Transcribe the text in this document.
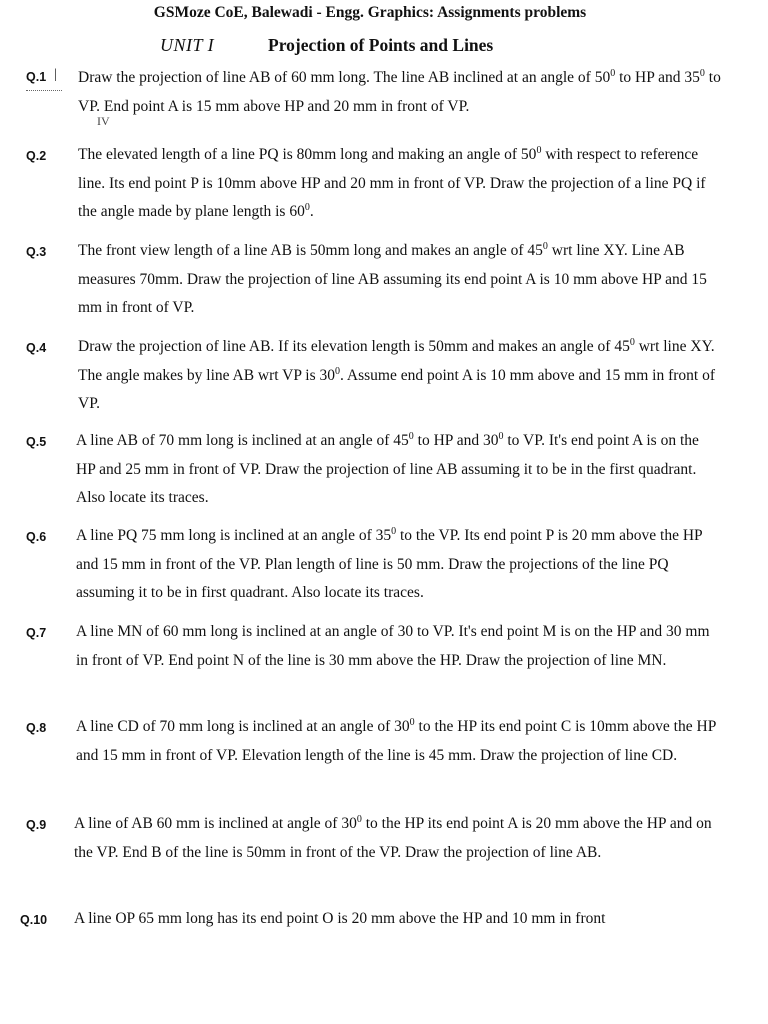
GSMoze CoE, Balewadi - Engg. Graphics: Assignments problems
UNIT I	Projection of Points and Lines
Q.1 | Draw the projection of line AB of 60 mm long. The line AB inclined at an angle of $50^0$ to HP and $35^0$ to VP. End point A is 15 mm above HP and 20 mm in front of VP.

IV
Q.2 The elevated length of a line PQ is 80mm long and making an angle of $50^0$ with respect to reference line. Its end point P is 10mm above HP and 20 mm in front of VP. Draw the projection of a line PQ if the angle made by plane length is $60^0$.

Q.3 The front view length of a line AB is 50mm long and makes an angle of $45^0$ wrt line XY. Line AB measures 70mm. Draw the projection of line AB assuming its end point A is 10 mm above HP and 15 mm in front of VP.

Q.4 Draw the projection of line AB. If its elevation length is 50mm and makes an angle of $45^0$ wrt line XY. The angle makes by line AB wrt VP is $30^0$. Assume end point A is 10 mm above and 15 mm in front of VP.

Q.5 A line AB of 70 mm long is inclined at an angle of $45^0$ to HP and $30^0$ to VP. It's end point A is on the HP and 25 mm in front of VP. Draw the projection of line AB assuming it to be in the first quadrant. Also locate its traces.

Q.6 A line PQ 75 mm long is inclined at an angle of $35^0$ to the VP. Its end point P is 20 mm above the HP and 15 mm in front of the VP. Plan length of line is 50 mm. Draw the projections of the line PQ assuming it to be in first quadrant. Also locate its traces.

Q.7 A line MN of 60 mm long is inclined at an angle of 30 to VP. It's end point M is on the HP and 30 mm in front of VP. End point N of the line is 30 mm above the HP. Draw the projection of line MN.

Q.8 A line CD of 70 mm long is inclined at an angle of $30^0$ to the HP its end point C is 10mm above the HP and 15 mm in front of VP. Elevation length of the line is 45 mm. Draw the projection of line CD.

Q.9 A line of AB 60 mm is inclined at angle of $30^0$ to the HP its end point A is 20 mm above the HP and on the VP. End B of the line is 50mm in front of the VP. Draw the projection of line AB.

Q.10 A line OP 65 mm long has its end point O is 20 mm above the HP and 10 mm in front
